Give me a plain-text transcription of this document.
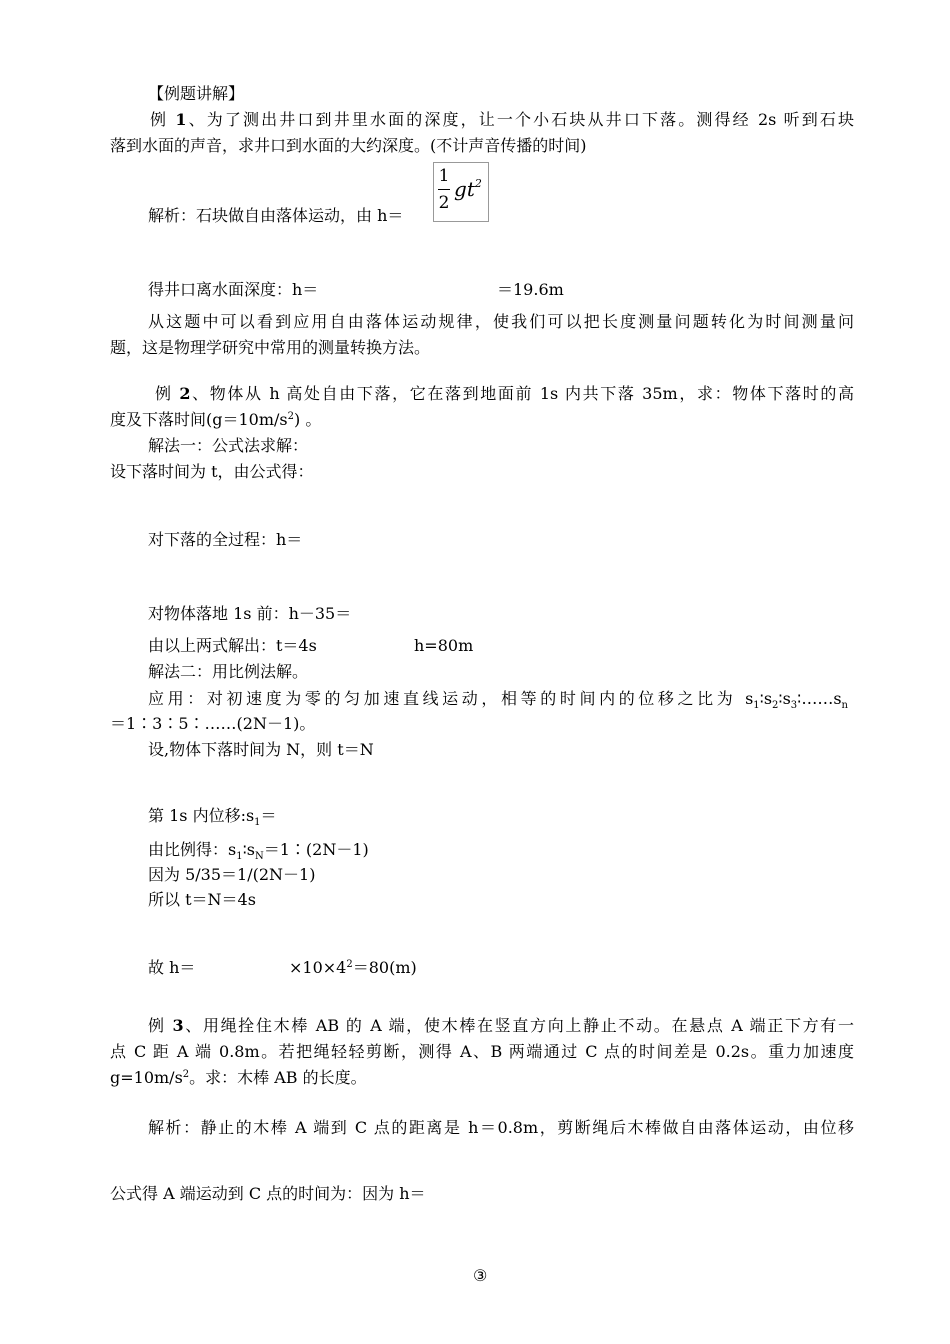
【例题讲解】
例 1、为了测出井口到井里水面的深度，让一个小石块从井口下落。测得经 2s 听到石块
落到水面的声音，求井口到水面的大约深度。(不计声音传播的时间)
解析：石块做自由落体运动，由 h＝
1
2
$gt^2$
得井口离水面深度：h＝	＝19.6m
从这题中可以看到应用自由落体运动规律，使我们可以把长度测量问题转化为时间测量问
题，这是物理学研究中常用的测量转换方法。
例 2、物体从 h 高处自由下落，它在落到地面前 1s 内共下落 35m，求：物体下落时的高
度及下落时间$(g=10m/s^2)$ 。
解法一：公式法求解：
设下落时间为 t，由公式得：
对下落的全过程：h＝
对物体落地 1s 前：h－35＝
由以上两式解出：t＝4s	h=80m
解法二：用比例法解。
应用：对初速度为零的匀加速直线运动，相等的时间内的位移之比为 $s_1∶s_2∶s_3∶\dots\dots s_n$
＝1∶3∶5∶……(2N－1)。
设,物体下落时间为 N，则 t＝N
第 1s 内位移$:s_1=$
由比例得：$s_1∶s_N=1∶(2N-1)$
因为 5/35＝1/(2N－1)
所以 t＝N＝4s
故 h＝	$\times 10\times 4^2=80(m)$
例 3、用绳拴住木棒 AB 的 A 端，使木棒在竖直方向上静止不动。在悬点 A 端正下方有一
点 C 距 A 端 0.8m。若把绳轻轻剪断，测得 A、B 两端通过 C 点的时间差是 0.2s。重力加速度
$g=10m/s^2$。求：木棒 AB 的长度。
解析：静止的木棒 A 端到 C 点的距离是 h＝0.8m，剪断绳后木棒做自由落体运动，由位移
公式得 A 端运动到 C 点的时间为：因为 h＝
③
